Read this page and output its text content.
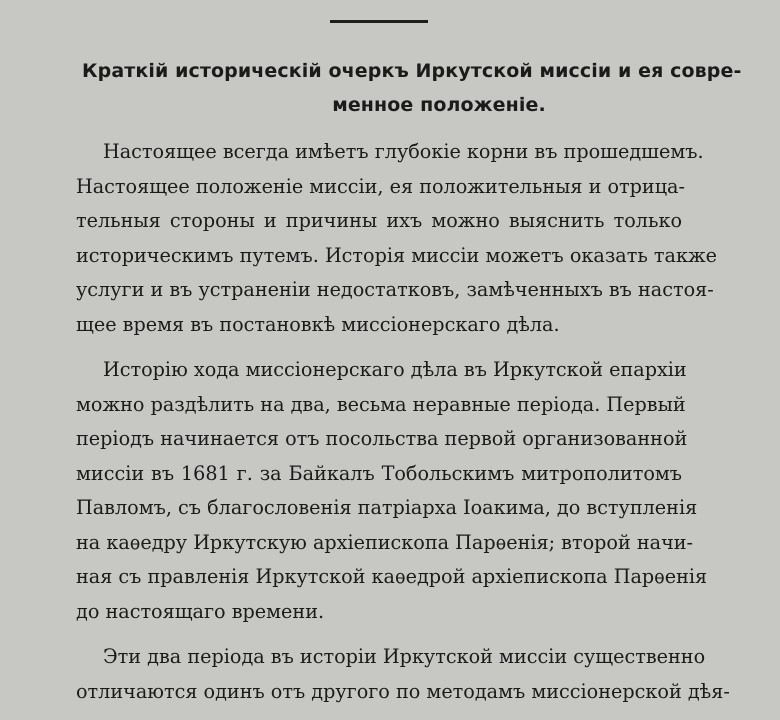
Краткій историческій очеркъ Иркутской миссіи и ея совре-
менное положеніе.

Настоящее всегда имѣетъ глубокіе корни въ прошедшемъ.
Настоящее положеніе миссіи, ея положительныя и отрица-
тельныя стороны и причины ихъ можно выяснить только
историческимъ путемъ. Исторія миссіи можетъ оказать также
услуги и въ устраненіи недостатковъ, замѣченныхъ въ настоя-
щее время въ постановкѣ миссіонерскаго дѣла.

Исторію хода миссіонерскаго дѣла въ Иркутской епархіи
можно раздѣлить на два, весьма неравные періода. Первый
періодъ начинается отъ посольства первой организованной
миссіи въ 1681 г. за Байкалъ Тобольскимъ митрополитомъ
Павломъ, съ благословенія патріарха Іоакима, до вступленія
на каѳедру Иркутскую архіепископа Парѳенія; второй начи-
ная съ правленія Иркутской каѳедрой архіепископа Парѳенія
до настоящаго времени.

Эти два періода въ исторіи Иркутской миссіи существенно
отличаются одинъ отъ другого по методамъ миссіонерской дѣя-
